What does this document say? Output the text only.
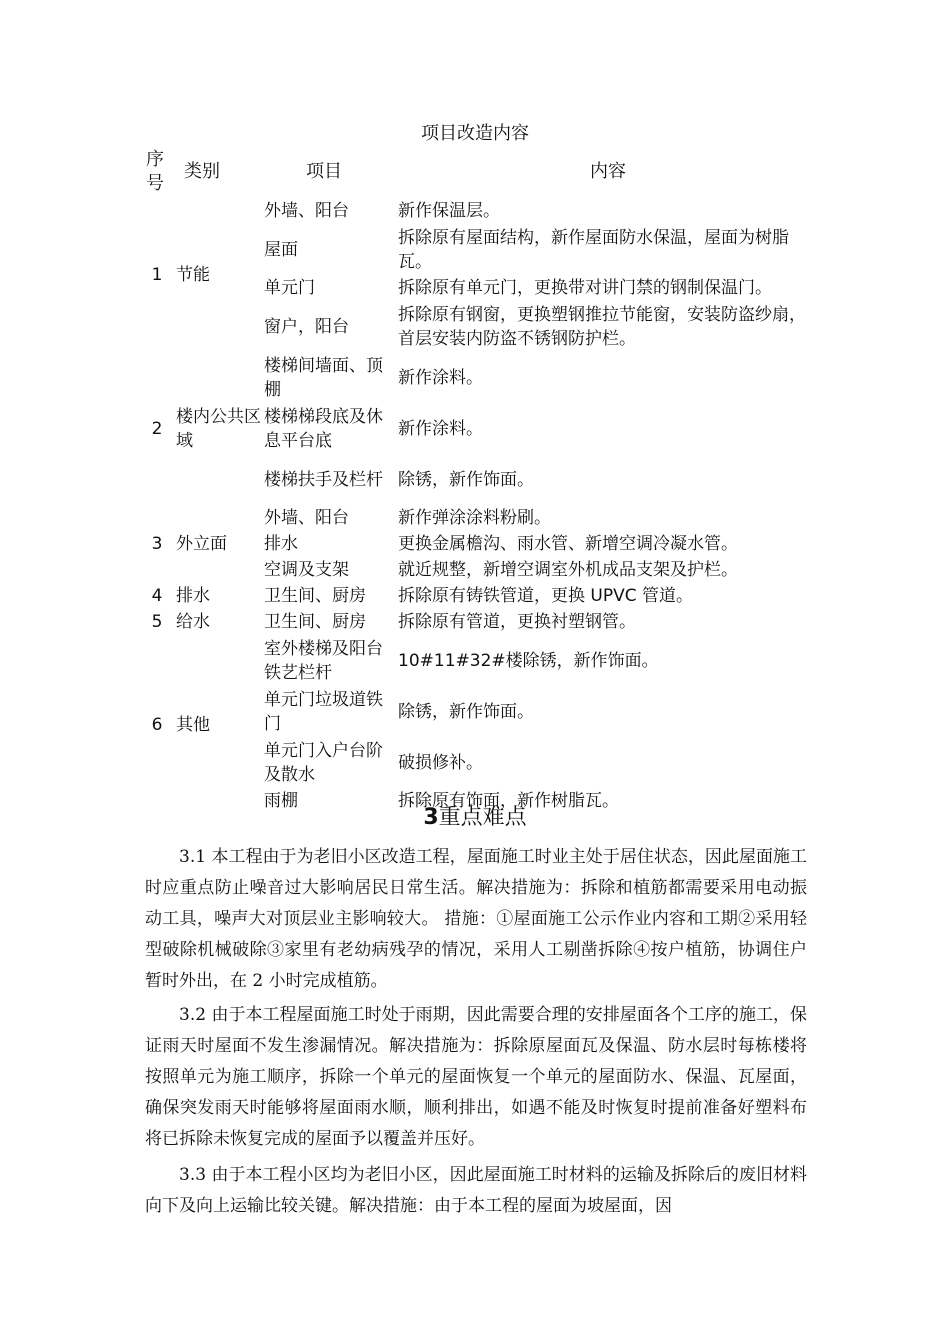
项目改造内容
序号	类别	项目	内容
1	节能	外墙、阳台	新作保温层。
		屋面	拆除原有屋面结构，新作屋面防水保温，屋面为树脂瓦。
		单元门	拆除原有单元门，更换带对讲门禁的钢制保温门。
		窗户，阳台	拆除原有钢窗，更换塑钢推拉节能窗，安装防盗纱扇，首层安装内防盗不锈钢防护栏。
2	楼内公共区域	楼梯间墙面、顶棚	新作涂料。
		楼梯梯段底及休息平台底	新作涂料。
		楼梯扶手及栏杆	除锈，新作饰面。
3	外立面	外墙、阳台	新作弹涂涂料粉刷。
		排水	更换金属檐沟、雨水管、新增空调冷凝水管。
		空调及支架	就近规整，新增空调室外机成品支架及护栏。
4	排水	卫生间、厨房	拆除原有铸铁管道，更换 UPVC 管道。
5	给水	卫生间、厨房	拆除原有管道，更换衬塑钢管。
6	其他	室外楼梯及阳台铁艺栏杆	10#11#32#楼除锈，新作饰面。
		单元门垃圾道铁门	除锈，新作饰面。
		单元门入户台阶及散水	破损修补。
		雨棚	拆除原有饰面，新作树脂瓦。
3重点难点

3.1 本工程由于为老旧小区改造工程，屋面施工时业主处于居住状态，因此屋面施工时应重点防止噪音过大影响居民日常生活。解决措施为：拆除和植筋都需要采用电动振动工具，噪声大对顶层业主影响较大。 措施：①屋面施工公示作业内容和工期②采用轻型破除机械破除③家里有老幼病残孕的情况，采用人工剔凿拆除④按户植筋，协调住户暂时外出，在 2 小时完成植筋。

3.2 由于本工程屋面施工时处于雨期，因此需要合理的安排屋面各个工序的施工，保证雨天时屋面不发生渗漏情况。解决措施为：拆除原屋面瓦及保温、防水层时每栋楼将按照单元为施工顺序，拆除一个单元的屋面恢复一个单元的屋面防水、保温、瓦屋面，确保突发雨天时能够将屋面雨水顺，顺利排出，如遇不能及时恢复时提前准备好塑料布将已拆除未恢复完成的屋面予以覆盖并压好。

3.3 由于本工程小区均为老旧小区，因此屋面施工时材料的运输及拆除后的废旧材料向下及向上运输比较关键。解决措施：由于本工程的屋面为坡屋面，因
